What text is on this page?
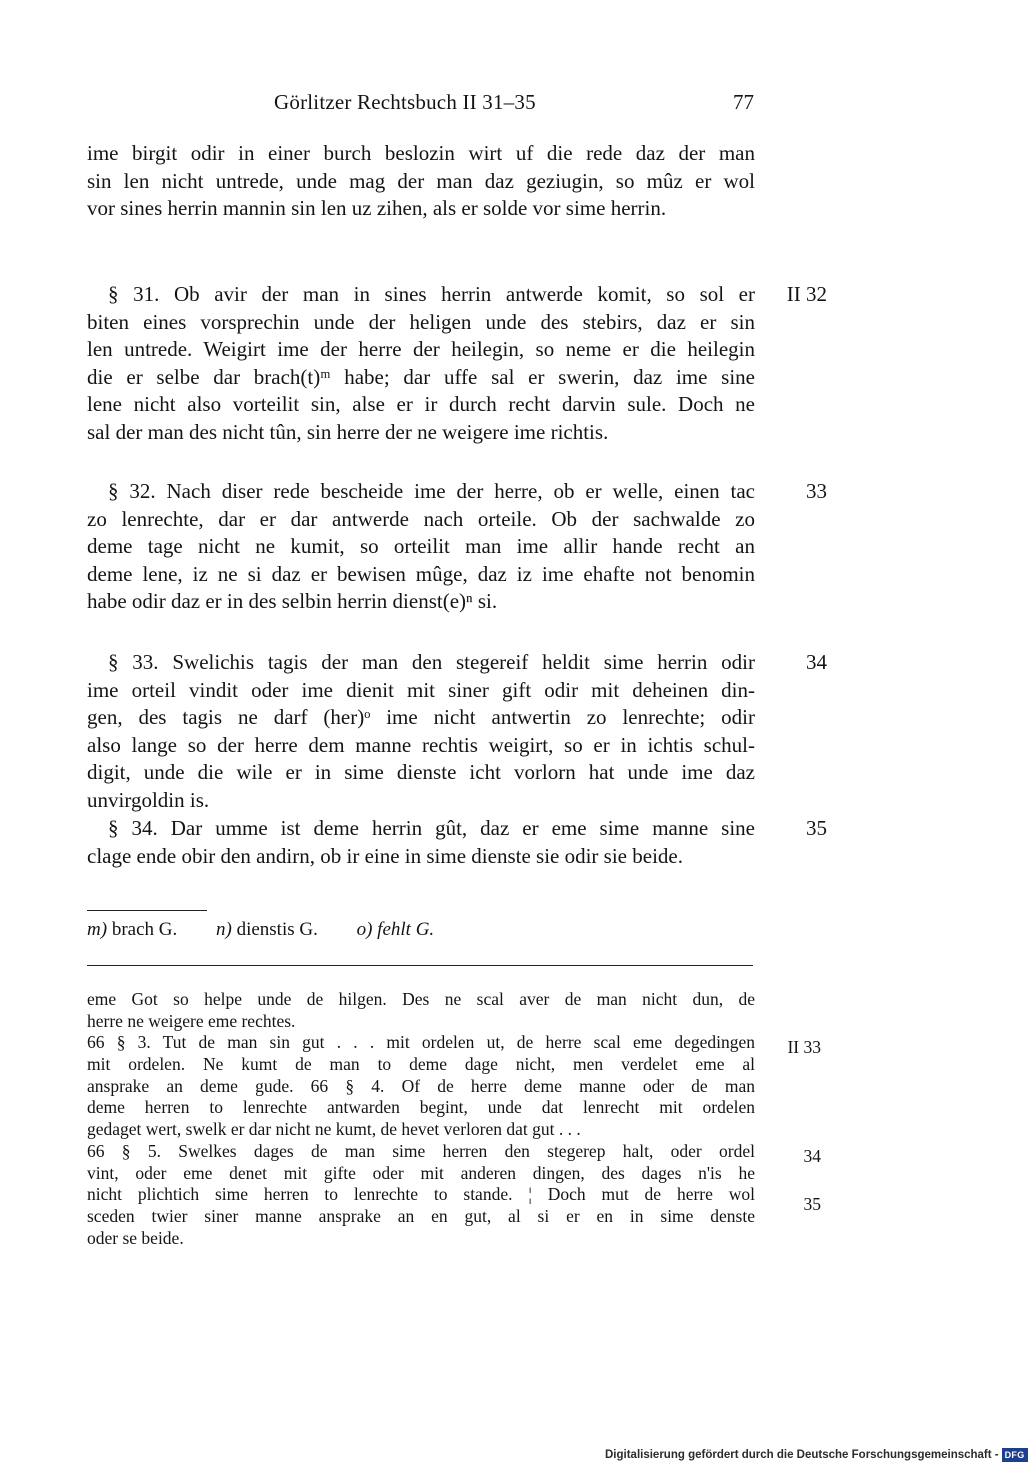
Görlitzer Rechtsbuch II 31–35	77
ime birgit odir in einer burch beslozin wirt uf die rede daz der man
sin len nicht untrede, unde mag der man daz geziugin, so mûz er wol
vor sines herrin mannin sin len uz zihen, als er solde vor sime herrin.
§ 31. Ob avir der man in sines herrin antwerde komit, so sol er
biten eines vorsprechin unde der heligen unde des stebirs, daz er sin
len untrede. Weigirt ime der herre der heilegin, so neme er die heilegin
die er selbe dar brach(t)ᵐ habe; dar uffe sal er swerin, daz ime sine
lene nicht also vorteilit sin, alse er ir durch recht darvin sule. Doch ne
sal der man des nicht tûn, sin herre der ne weigere ime richtis.
II 32
§ 32. Nach diser rede bescheide ime der herre, ob er welle, einen tac
zo lenrechte, dar er dar antwerde nach orteile. Ob der sachwalde zo
deme tage nicht ne kumit, so orteilit man ime allir hande recht an
deme lene, iz ne si daz er bewisen mûge, daz iz ime ehafte not benomin
habe odir daz er in des selbin herrin dienst(e)ⁿ si.
33
§ 33. Swelichis tagis der man den stegereif heldit sime herrin odir
ime orteil vindit oder ime dienit mit siner gift odir mit deheinen din-
gen, des tagis ne darf (her)ᵒ ime nicht antwertin zo lenrechte; odir
also lange so der herre dem manne rechtis weigirt, so er in ichtis schul-
digit, unde die wile er in sime dienste icht vorlorn hat unde ime daz
unvirgoldin is.
34
§ 34. Dar umme ist deme herrin gût, daz er eme sime manne sine
clage ende obir den andirn, ob ir eine in sime dienste sie odir sie beide.
35
m) brach G. n) dienstis G. o) fehlt G.
eme Got so helpe unde de hilgen. Des ne scal aver de man nicht dun, de
herre ne weigere eme rechtes.
66 § 3. Tut de man sin gut . . . mit ordelen ut, de herre scal eme degedingen
mit ordelen. Ne kumt de man to deme dage nicht, men verdelet eme al
ansprake an deme gude. 66 § 4. Of de herre deme manne oder de man
deme herren to lenrechte antwarden begint, unde dat lenrecht mit ordelen
gedaget wert, swelk er dar nicht ne kumt, de hevet verloren dat gut . . .
66 § 5. Swelkes dages de man sime herren den stegerep halt, oder ordel
vint, oder eme denet mit gifte oder mit anderen dingen, des dages n'is he
nicht plichtich sime herren to lenrechte to stande. ¦ Doch mut de herre wol
sceden twier siner manne ansprake an en gut, al si er en in sime denste
oder se beide.
II 33
34
35
Digitalisierung gefördert durch die Deutsche Forschungsgemeinschaft - DFG
